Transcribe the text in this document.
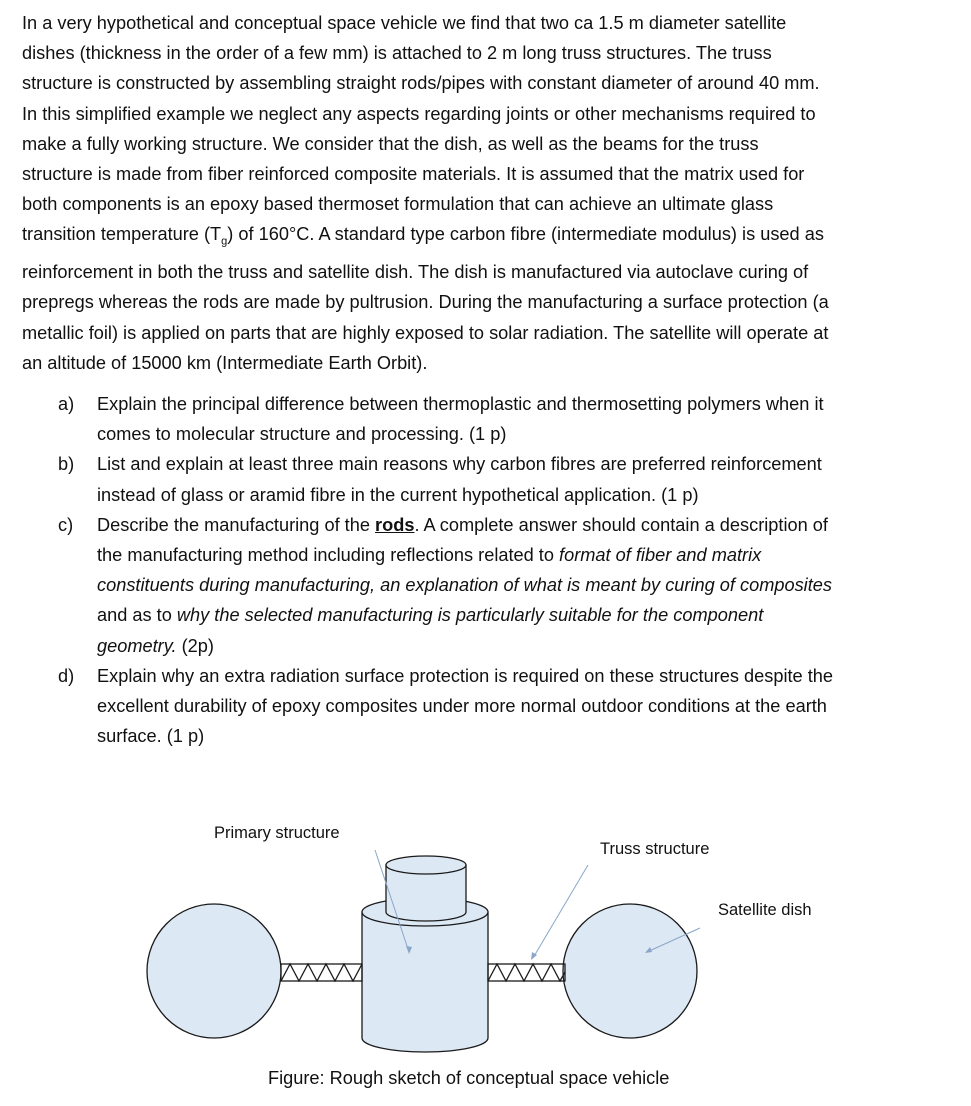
In a very hypothetical and conceptual space vehicle we find that two ca 1.5 m diameter satellite
dishes (thickness in the order of a few mm) is attached to 2 m long truss structures. The truss
structure is constructed by assembling straight rods/pipes with constant diameter of around 40 mm.
In this simplified example we neglect any aspects regarding joints or other mechanisms required to
make a fully working structure. We consider that the dish, as well as the beams for the truss
structure is made from fiber reinforced composite materials. It is assumed that the matrix used for
both components is an epoxy based thermoset formulation that can achieve an ultimate glass
transition temperature $(T_g)$ of 160°C. A standard type carbon fibre (intermediate modulus) is used as
reinforcement in both the truss and satellite dish. The dish is manufactured via autoclave curing of
prepregs whereas the rods are made by pultrusion. During the manufacturing a surface protection (a
metallic foil) is applied on parts that are highly exposed to solar radiation. The satellite will operate at
an altitude of 15000 km (Intermediate Earth Orbit).

a)	Explain the principal difference between thermoplastic and thermosetting polymers when it
comes to molecular structure and processing. (1 p)
b)	List and explain at least three main reasons why carbon fibres are preferred reinforcement
instead of glass or aramid fibre in the current hypothetical application. (1 p)
c)	Describe the manufacturing of the rods. A complete answer should contain a description of
the manufacturing method including reflections related to format of fiber and matrix
constituents during manufacturing, an explanation of what is meant by curing of composites
and as to why the selected manufacturing is particularly suitable for the component
geometry. (2p)
d)	Explain why an extra radiation surface protection is required on these structures despite the
excellent durability of epoxy composites under more normal outdoor conditions at the earth
surface. (1 p)
Primary structure
Truss structure
Satellite dish
Figure: Rough sketch of conceptual space vehicle
